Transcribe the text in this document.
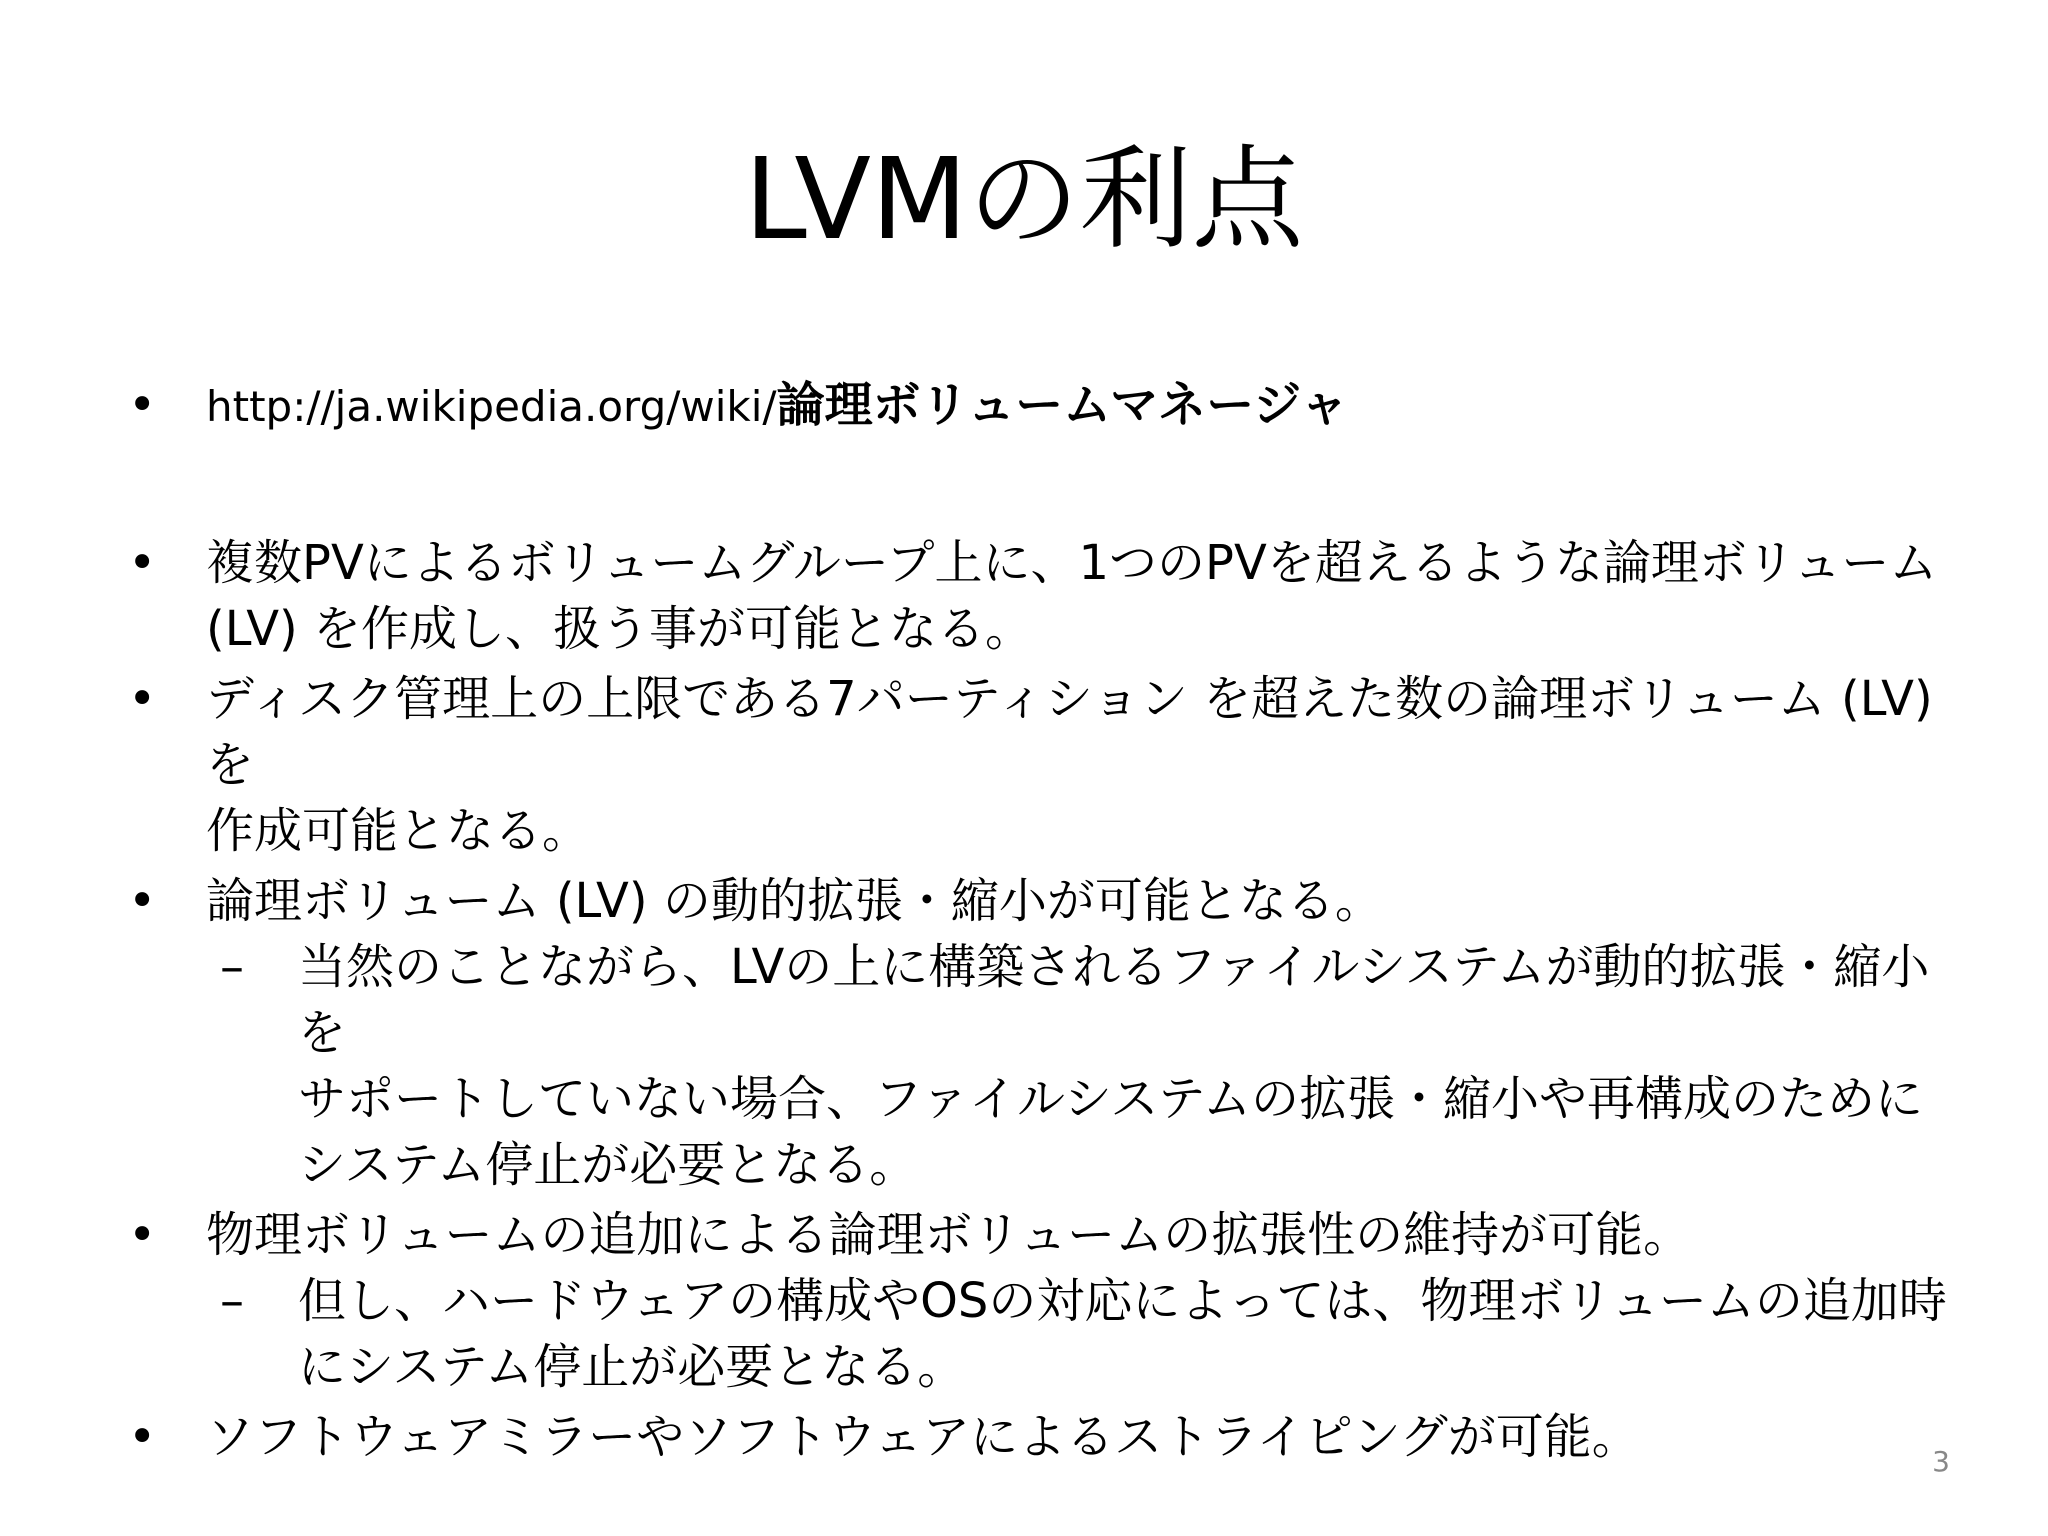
LVMの利点
• http://ja.wikipedia.org/wiki/論理ボリュームマネージャ
• 複数PVによるボリュームグループ上に、1つのPVを超えるような論理ボリューム
(LV) を作成し、扱う事が可能となる。
• ディスク管理上の上限である7パーティション を超えた数の論理ボリューム (LV) を
作成可能となる。
• 論理ボリューム (LV) の動的拡張・縮小が可能となる。
– 当然のことながら、LVの上に構築されるファイルシステムが動的拡張・縮小を
サポートしていない場合、ファイルシステムの拡張・縮小や再構成のために
システム停止が必要となる。
• 物理ボリュームの追加による論理ボリュームの拡張性の維持が可能。
– 但し、ハードウェアの構成やOSの対応によっては、物理ボリュームの追加時
にシステム停止が必要となる。
• ソフトウェアミラーやソフトウェアによるストライピングが可能。	3
